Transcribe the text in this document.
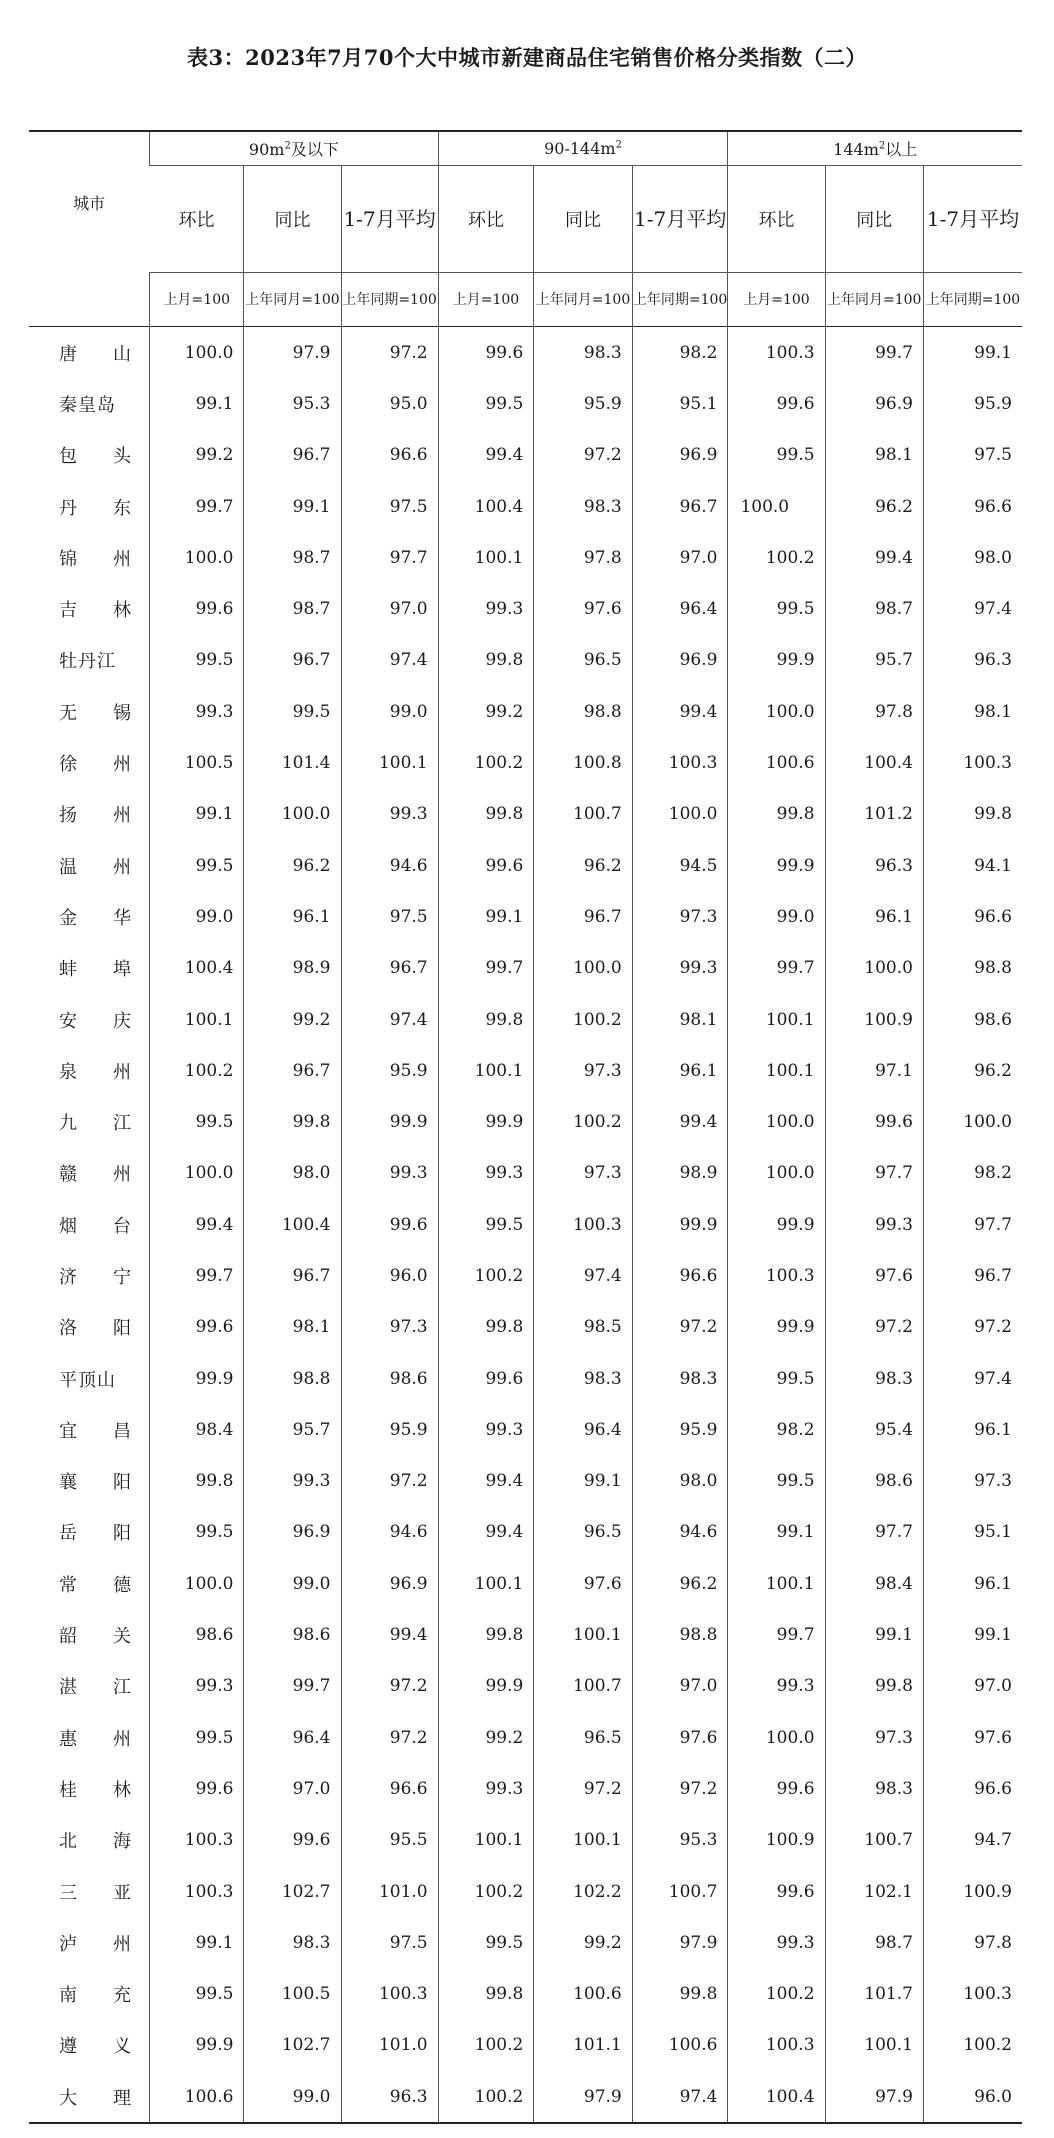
表3：2023年7月70个大中城市新建商品住宅销售价格分类指数（二）
城市	$90m^2$及以下			$90-144m^2$			$144m^2$以上		
	环比	同比	1-7月平均	环比	同比	1-7月平均	环比	同比	1-7月平均
	上月=100	上年同月=100	上年同期=100	上月=100	上年同月=100	上年同期=100	上月=100	上年同月=100	上年同期=100
唐山	100.0	97.9	97.2	99.6	98.3	98.2	100.3	99.7	99.1
秦皇岛	99.1	95.3	95.0	99.5	95.9	95.1	99.6	96.9	95.9
包头	99.2	96.7	96.6	99.4	97.2	96.9	99.5	98.1	97.5
丹东	99.7	99.1	97.5	100.4	98.3	96.7	100.0	96.2	96.6
锦州	100.0	98.7	97.7	100.1	97.8	97.0	100.2	99.4	98.0
吉林	99.6	98.7	97.0	99.3	97.6	96.4	99.5	98.7	97.4
牡丹江	99.5	96.7	97.4	99.8	96.5	96.9	99.9	95.7	96.3
无锡	99.3	99.5	99.0	99.2	98.8	99.4	100.0	97.8	98.1
徐州	100.5	101.4	100.1	100.2	100.8	100.3	100.6	100.4	100.3
扬州	99.1	100.0	99.3	99.8	100.7	100.0	99.8	101.2	99.8
温州	99.5	96.2	94.6	99.6	96.2	94.5	99.9	96.3	94.1
金华	99.0	96.1	97.5	99.1	96.7	97.3	99.0	96.1	96.6
蚌埠	100.4	98.9	96.7	99.7	100.0	99.3	99.7	100.0	98.8
安庆	100.1	99.2	97.4	99.8	100.2	98.1	100.1	100.9	98.6
泉州	100.2	96.7	95.9	100.1	97.3	96.1	100.1	97.1	96.2
九江	99.5	99.8	99.9	99.9	100.2	99.4	100.0	99.6	100.0
赣州	100.0	98.0	99.3	99.3	97.3	98.9	100.0	97.7	98.2
烟台	99.4	100.4	99.6	99.5	100.3	99.9	99.9	99.3	97.7
济宁	99.7	96.7	96.0	100.2	97.4	96.6	100.3	97.6	96.7
洛阳	99.6	98.1	97.3	99.8	98.5	97.2	99.9	97.2	97.2
平顶山	99.9	98.8	98.6	99.6	98.3	98.3	99.5	98.3	97.4
宜昌	98.4	95.7	95.9	99.3	96.4	95.9	98.2	95.4	96.1
襄阳	99.8	99.3	97.2	99.4	99.1	98.0	99.5	98.6	97.3
岳阳	99.5	96.9	94.6	99.4	96.5	94.6	99.1	97.7	95.1
常德	100.0	99.0	96.9	100.1	97.6	96.2	100.1	98.4	96.1
韶关	98.6	98.6	99.4	99.8	100.1	98.8	99.7	99.1	99.1
湛江	99.3	99.7	97.2	99.9	100.7	97.0	99.3	99.8	97.0
惠州	99.5	96.4	97.2	99.2	96.5	97.6	100.0	97.3	97.6
桂林	99.6	97.0	96.6	99.3	97.2	97.2	99.6	98.3	96.6
北海	100.3	99.6	95.5	100.1	100.1	95.3	100.9	100.7	94.7
三亚	100.3	102.7	101.0	100.2	102.2	100.7	99.6	102.1	100.9
泸州	99.1	98.3	97.5	99.5	99.2	97.9	99.3	98.7	97.8
南充	99.5	100.5	100.3	99.8	100.6	99.8	100.2	101.7	100.3
遵义	99.9	102.7	101.0	100.2	101.1	100.6	100.3	100.1	100.2
大理	100.6	99.0	96.3	100.2	97.9	97.4	100.4	97.9	96.0
